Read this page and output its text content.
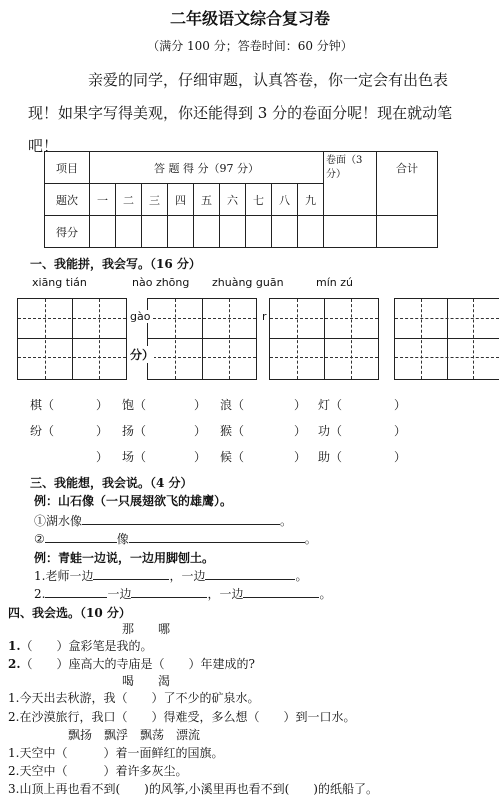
二年级语文综合复习卷
（满分 100 分；答卷时间：60 分钟）
亲爱的同学，仔细审题，认真答卷，你一定会有出色表
现！如果字写得美观，你还能得到 3 分的卷面分呢！现在就动笔
吧！
项目	答 题 得 分（97 分）									卷面（3 分）	合计
题次	一	二	三	四	五	六	七	八	九		
得分											
一、我能拼，我会写。（16 分）
xiāng tián	nào zhōng zhuàng guān	mín zú
gào	r
分）
棋（	） 饱（	） 浪（	） 灯（	）
纷（	） 扬（	） 猴（	） 功（	）
） 场（	） 候（	） 助（	）
三、我能想，我会说。（4 分）
例：山石像（一只展翅欲飞的雄鹰）。
①湖水像	。
②	像	。
例：青蛙一边说，一边用脚刨土。
1.老师一边	，一边	。
2.	一边	，一边	。
四、我会选。（10 分）
那　　哪
1.（　　）盒彩笔是我的。
2.（　　）座高大的寺庙是（　　）年建成的?
喝　　渴
1.今天出去秋游，我（　　）了不少的矿泉水。
2.在沙漠旅行，我口（　　）得难受，多么想（　　）到一口水。
飘扬　飘浮　飘荡　漂流
1.天空中（　　　）着一面鲜红的国旗。
2.天空中（　　　）着许多灰尘。
3.山顶上再也看不到(　　)的风筝,小溪里再也看不到(　　)的纸船了。
